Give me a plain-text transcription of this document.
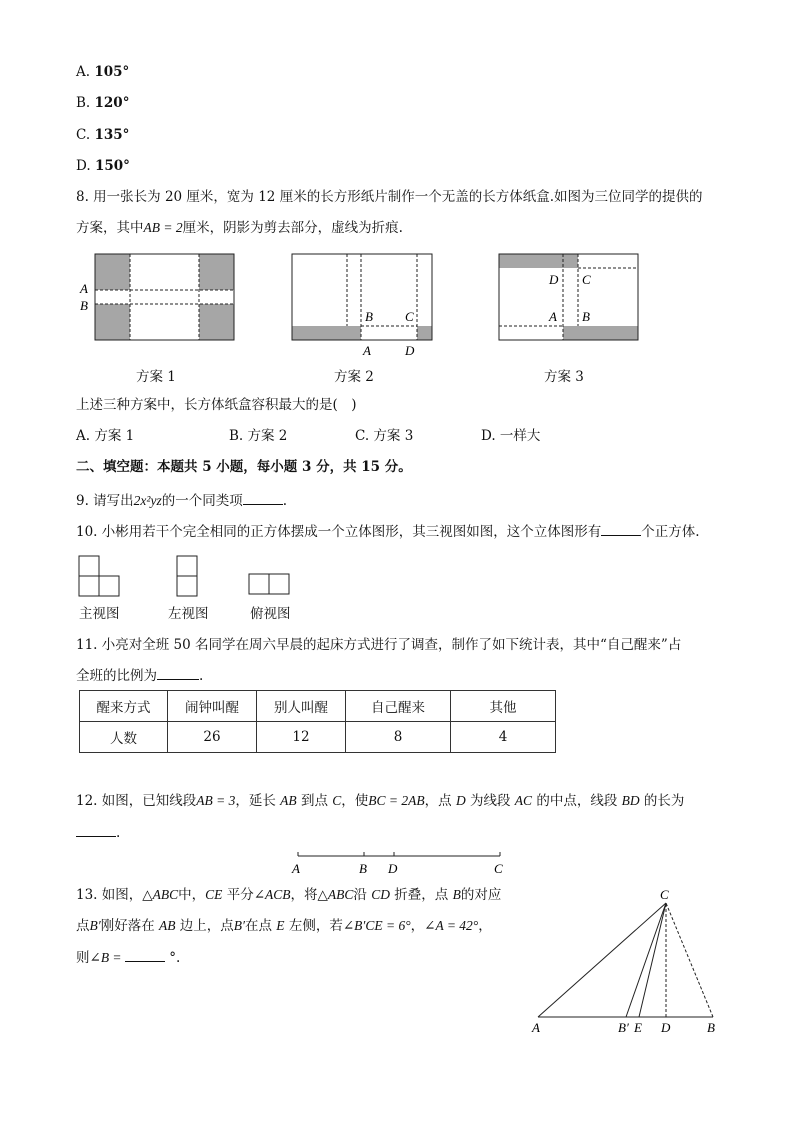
A. 105°
B. 120°
C. 135°
D. 150°
8. 用一张长为 20 厘米，宽为 12 厘米的长方形纸片制作一个无盖的长方体纸盒.如图为三位同学的提供的
方案，其中AB = 2厘米，阴影为剪去部分，虚线为折痕.
A
B
B C
A	D
D C
A B
方案 1	方案 2	方案 3
上述三种方案中，长方体纸盒容积最大的是(　)
A. 方案 1	B. 方案 2	C. 方案 3	D. 一样大
二、填空题：本题共 5 小题，每小题 3 分，共 15 分。
9. 请写出2x²yz的一个同类项	.
10. 小彬用若干个完全相同的正方体摆成一个立体图形，其三视图如图，这个立体图形有	个正方体.
主视图	左视图	俯视图
11. 小亮对全班 50 名同学在周六早晨的起床方式进行了调查，制作了如下统计表，其中“自己醒来”占
全班的比例为	.
醒来方式	闹钟叫醒	别人叫醒	自己醒来	其他
人数	26	12	8	4
12. 如图，已知线段AB = 3，延长 AB 到点 C，使BC = 2AB，点 D 为线段 AC 的中点，线段 BD 的长为
.
A	B D	C
13. 如图，△ABC中，CE 平分∠ACB，将△ABC沿 CD 折叠，点 B的对应
点B′刚好落在 AB 边上，点B′在点 E 左侧，若∠B′CE = 6°，∠A = 42°，
则∠B =	°.
C
A	B′ E D	B
